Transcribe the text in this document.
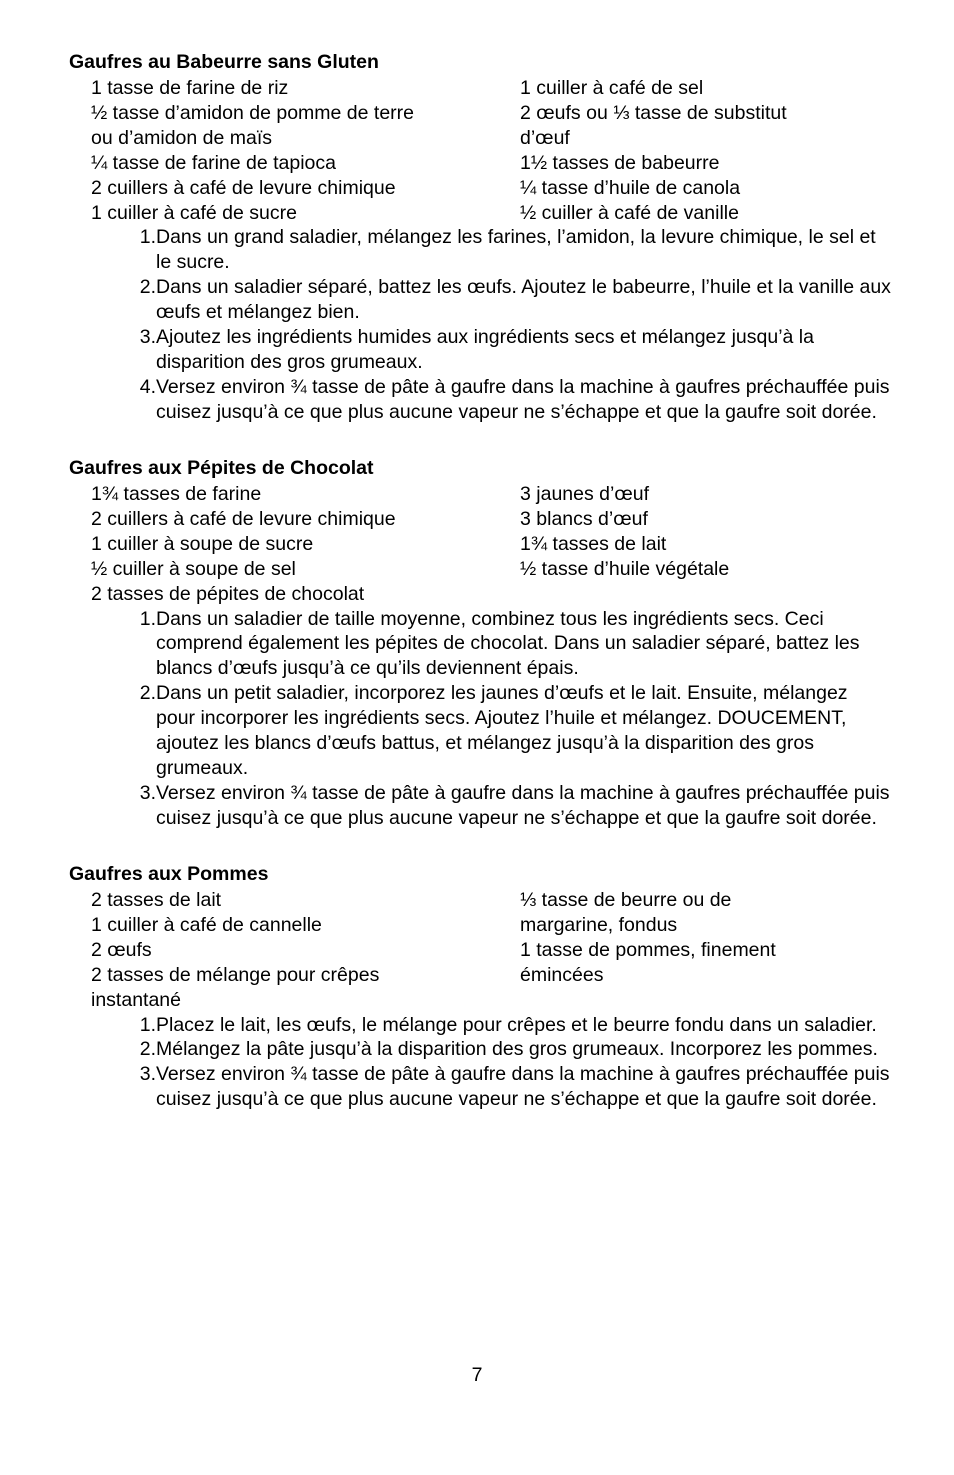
Gaufres au Babeurre sans Gluten
1 tasse de farine de riz
½ tasse d’amidon de pomme de terre ou d’amidon de maïs
¼ tasse de farine de tapioca
2 cuillers à café de levure chimique
1 cuiller à café de sucre
1 cuiller à café de sel
2 œufs ou ⅓ tasse de substitut d’œuf
1½ tasses de babeurre
¼ tasse d’huile de canola
½ cuiller à café de vanille
1. Dans un grand saladier, mélangez les farines, l’amidon, la levure chimique, le sel et le sucre.
2. Dans un saladier séparé, battez les œufs. Ajoutez le babeurre, l’huile et la vanille aux œufs et mélangez bien.
3. Ajoutez les ingrédients humides aux ingrédients secs et mélangez jusqu’à la disparition des gros grumeaux.
4. Versez environ ¾ tasse de pâte à gaufre dans la machine à gaufres préchauffée puis cuisez jusqu’à ce que plus aucune vapeur ne s’échappe et que la gaufre soit dorée.
Gaufres aux Pépites de Chocolat
1¾ tasses de farine
2 cuillers à café de levure chimique
1 cuiller à soupe de sucre
½ cuiller à soupe de sel
2 tasses de pépites de chocolat
3 jaunes d’œuf
3 blancs d’œuf
1¾ tasses de lait
½ tasse d’huile végétale
1. Dans un saladier de taille moyenne, combinez tous les ingrédients secs. Ceci comprend également les pépites de chocolat. Dans un saladier séparé, battez les blancs d’œufs jusqu’à ce qu’ils deviennent épais.
2. Dans un petit saladier, incorporez les jaunes d’œufs et le lait. Ensuite, mélangez pour incorporer les ingrédients secs. Ajoutez l’huile et mélangez. DOUCEMENT, ajoutez les blancs d’œufs battus, et mélangez jusqu’à la disparition des gros grumeaux.
3. Versez environ ¾ tasse de pâte à gaufre dans la machine à gaufres préchauffée puis cuisez jusqu’à ce que plus aucune vapeur ne s’échappe et que la gaufre soit dorée.
Gaufres aux Pommes
2 tasses de lait
1 cuiller à café de cannelle
2 œufs
2 tasses de mélange pour crêpes
instantané
⅓ tasse de beurre ou de margarine, fondus
1 tasse de pommes, finement émincées
1. Placez le lait, les œufs, le mélange pour crêpes et le beurre fondu dans un saladier.
2. Mélangez la pâte jusqu’à la disparition des gros grumeaux. Incorporez les pommes.
3. Versez environ ¾ tasse de pâte à gaufre dans la machine à gaufres préchauffée puis cuisez jusqu’à ce que plus aucune vapeur ne s’échappe et que la gaufre soit dorée.
7
